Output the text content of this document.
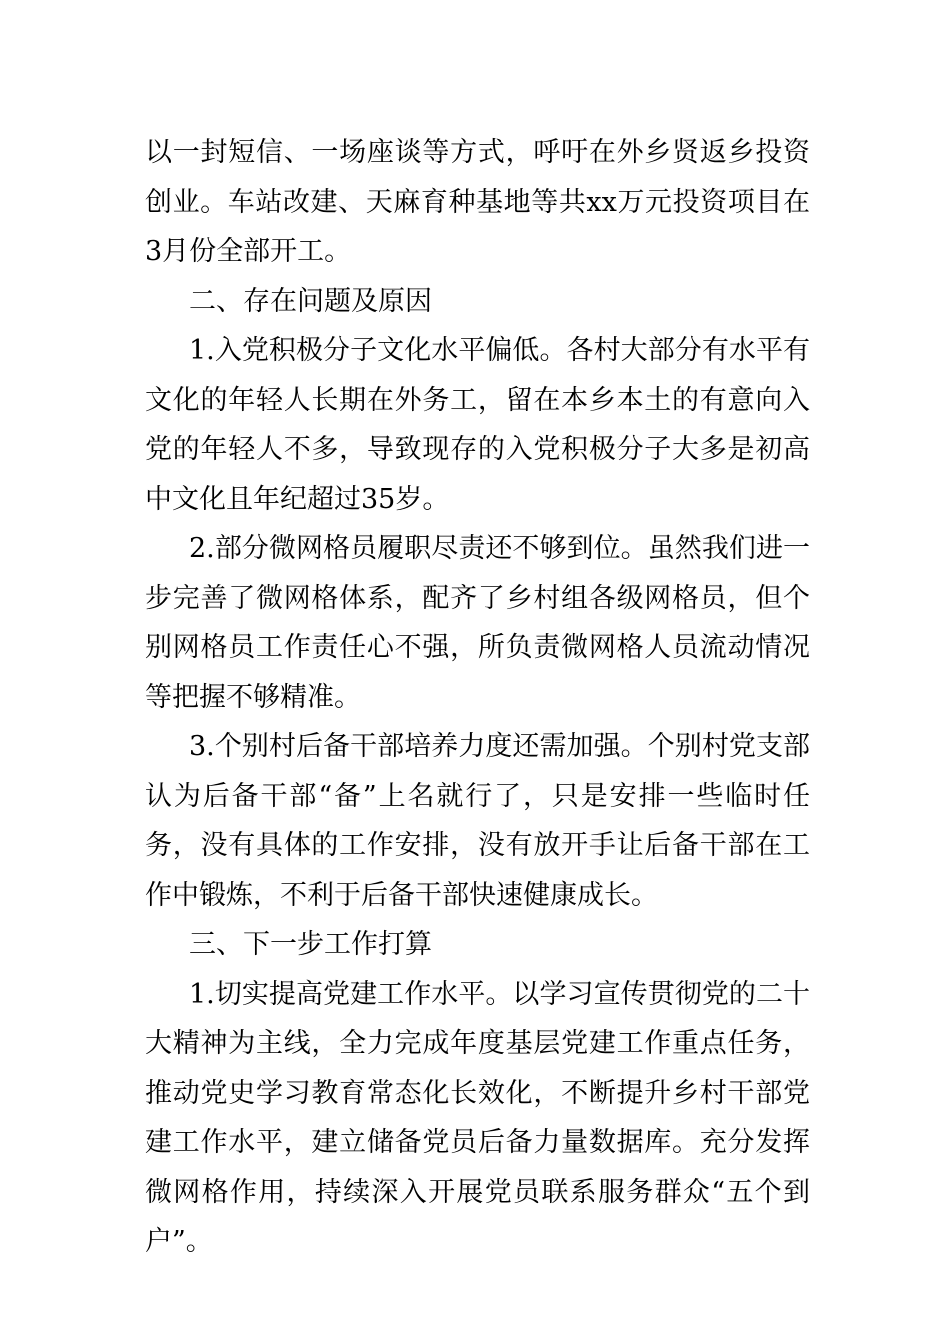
以一封短信、一场座谈等方式，呼吁在外乡贤返乡投资创业。车站改建、天麻育种基地等共xx万元投资项目在3月份全部开工。

二、存在问题及原因

1.入党积极分子文化水平偏低。各村大部分有水平有文化的年轻人长期在外务工，留在本乡本土的有意向入党的年轻人不多，导致现存的入党积极分子大多是初高中文化且年纪超过35岁。

2.部分微网格员履职尽责还不够到位。虽然我们进一步完善了微网格体系，配齐了乡村组各级网格员，但个别网格员工作责任心不强，所负责微网格人员流动情况等把握不够精准。

3.个别村后备干部培养力度还需加强。个别村党支部认为后备干部“备”上名就行了，只是安排一些临时任务，没有具体的工作安排，没有放开手让后备干部在工作中锻炼，不利于后备干部快速健康成长。

三、下一步工作打算

1.切实提高党建工作水平。以学习宣传贯彻党的二十大精神为主线，全力完成年度基层党建工作重点任务，推动党史学习教育常态化长效化，不断提升乡村干部党建工作水平，建立储备党员后备力量数据库。充分发挥微网格作用，持续深入开展党员联系服务群众“五个到户”。
